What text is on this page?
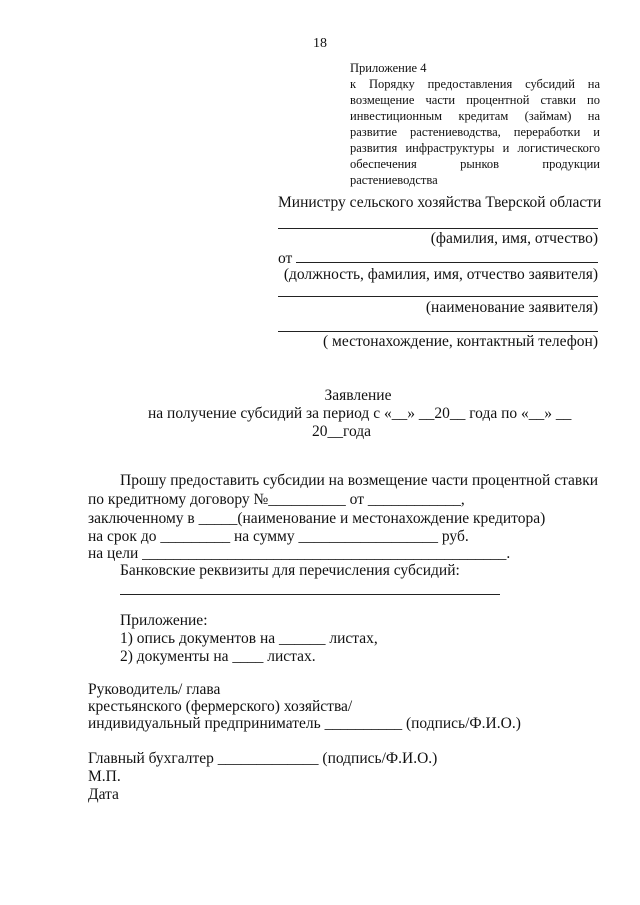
18
Приложение 4
к Порядку предоставления субсидий на
возмещение части процентной ставки по
инвестиционным кредитам (займам) на
развитие растениеводства, переработки и
развития инфраструктуры и логистического
обеспечения рынков продукции
растениеводства
Министру сельского хозяйства Тверской области
(фамилия, имя, отчество)
от
(должность, фамилия, имя, отчество заявителя)
(наименование заявителя)
( местонахождение, контактный телефон)
Заявление
на получение субсидий за период с «__» __20__ года по «__» __
20__года
Прошу предоставить субсидии на возмещение части процентной ставки
по кредитному договору №__________ от ____________,
заключенному в _____(наименование и местонахождение кредитора)
на срок до _________ на сумму __________________ руб.
на цели _______________________________________________.
Банковские реквизиты для перечисления субсидий:
Приложение:
1) опись документов на ______ листах,
2) документы на ____ листах.
Руководитель/ глава
крестьянского (фермерского) хозяйства/
индивидуальный предприниматель __________ (подпись/Ф.И.О.)
Главный бухгалтер _____________ (подпись/Ф.И.О.)
М.П.
Дата
